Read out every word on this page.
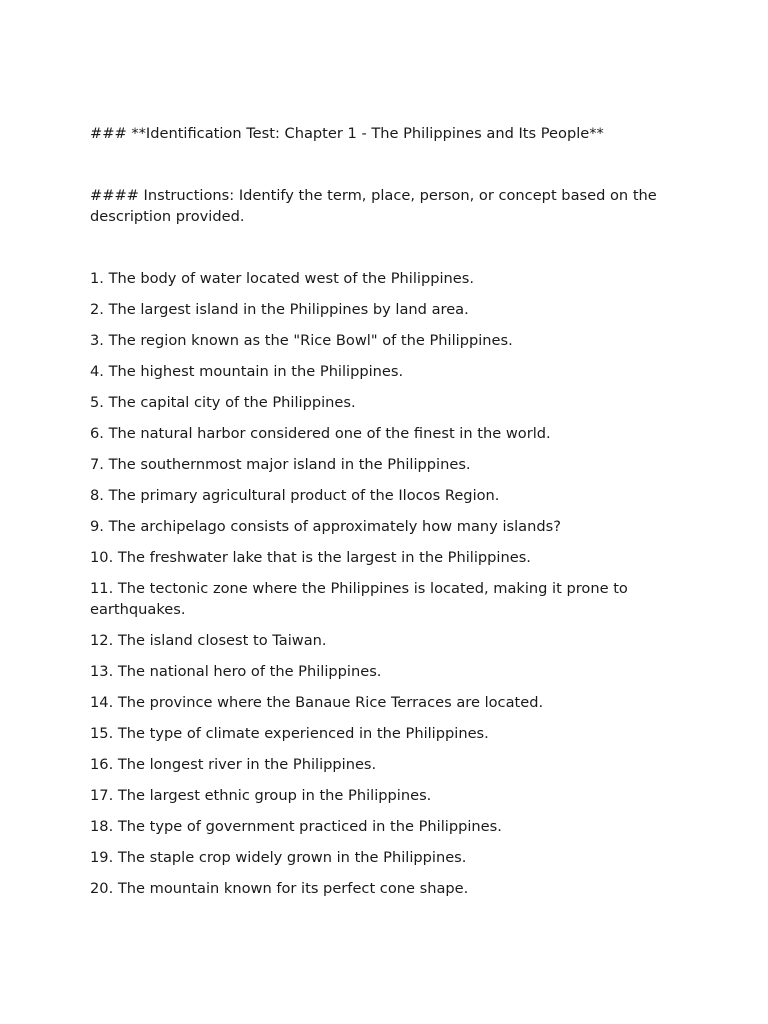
### **Identification Test: Chapter 1 - The Philippines and Its People**

#### Instructions: Identify the term, place, person, or concept based on the description provided.

1. The body of water located west of the Philippines.
2. The largest island in the Philippines by land area.
3. The region known as the "Rice Bowl" of the Philippines.
4. The highest mountain in the Philippines.
5. The capital city of the Philippines.
6. The natural harbor considered one of the finest in the world.
7. The southernmost major island in the Philippines.
8. The primary agricultural product of the Ilocos Region.
9. The archipelago consists of approximately how many islands?
10. The freshwater lake that is the largest in the Philippines.
11. The tectonic zone where the Philippines is located, making it prone to earthquakes.
12. The island closest to Taiwan.
13. The national hero of the Philippines.
14. The province where the Banaue Rice Terraces are located.
15. The type of climate experienced in the Philippines.
16. The longest river in the Philippines.
17. The largest ethnic group in the Philippines.
18. The type of government practiced in the Philippines.
19. The staple crop widely grown in the Philippines.
20. The mountain known for its perfect cone shape.
